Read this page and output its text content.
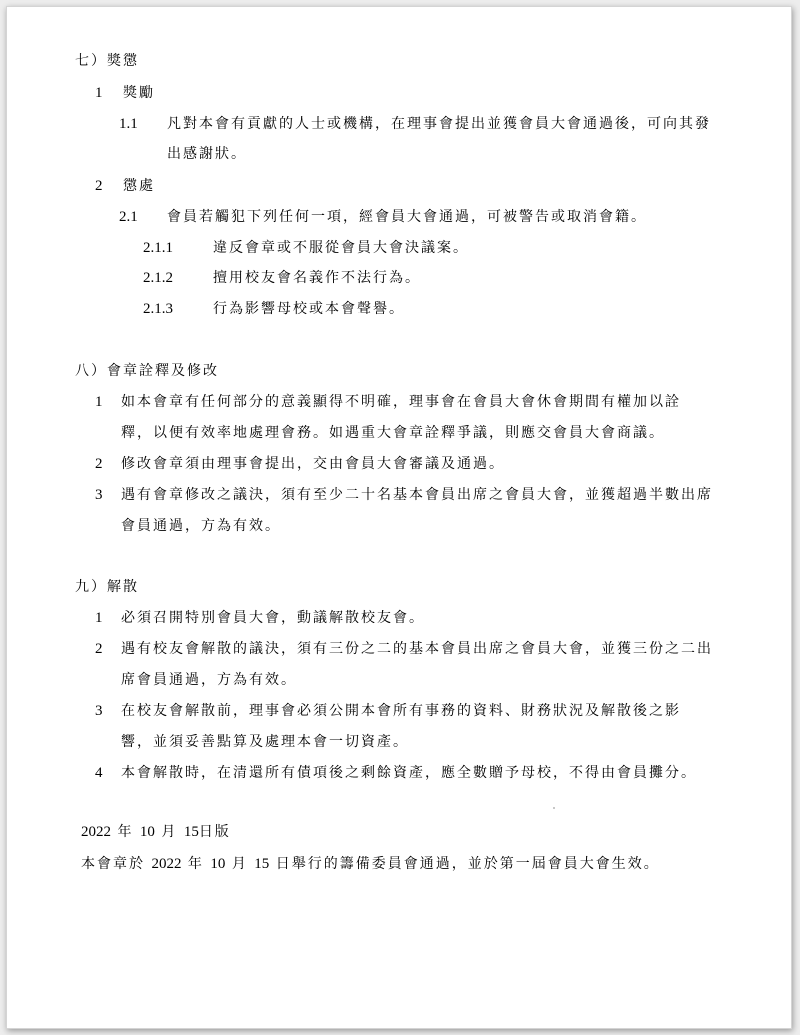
七）獎懲
1 獎勵
1.1 凡對本會有貢獻的人士或機構，在理事會提出並獲會員大會通過後，可向其發
出感謝狀。
2 懲處
2.1 會員若觸犯下列任何一項，經會員大會通過，可被警告或取消會籍。
2.1.1	違反會章或不服從會員大會決議案。
2.1.2	擅用校友會名義作不法行為。
2.1.3	行為影響母校或本會聲譽。
八）會章詮釋及修改
1 如本會章有任何部分的意義顯得不明確，理事會在會員大會休會期間有權加以詮
釋，以便有效率地處理會務。如遇重大會章詮釋爭議，則應交會員大會商議。
2 修改會章須由理事會提出，交由會員大會審議及通過。
3 遇有會章修改之議決，須有至少二十名基本會員出席之會員大會，並獲超過半數出席
會員通過，方為有效。
九）解散
1 必須召開特別會員大會，動議解散校友會。
2 遇有校友會解散的議決，須有三份之二的基本會員出席之會員大會，並獲三份之二出
席會員通過，方為有效。
3 在校友會解散前，理事會必須公開本會所有事務的資料、財務狀況及解散後之影
響，並須妥善點算及處理本會一切資產。
4 本會解散時，在清還所有債項後之剩餘資產，應全數贈予母校，不得由會員攤分。
2022 年 10 月 15日版
本會章於 2022 年 10 月 15 日舉行的籌備委員會通過，並於第一屆會員大會生效。
